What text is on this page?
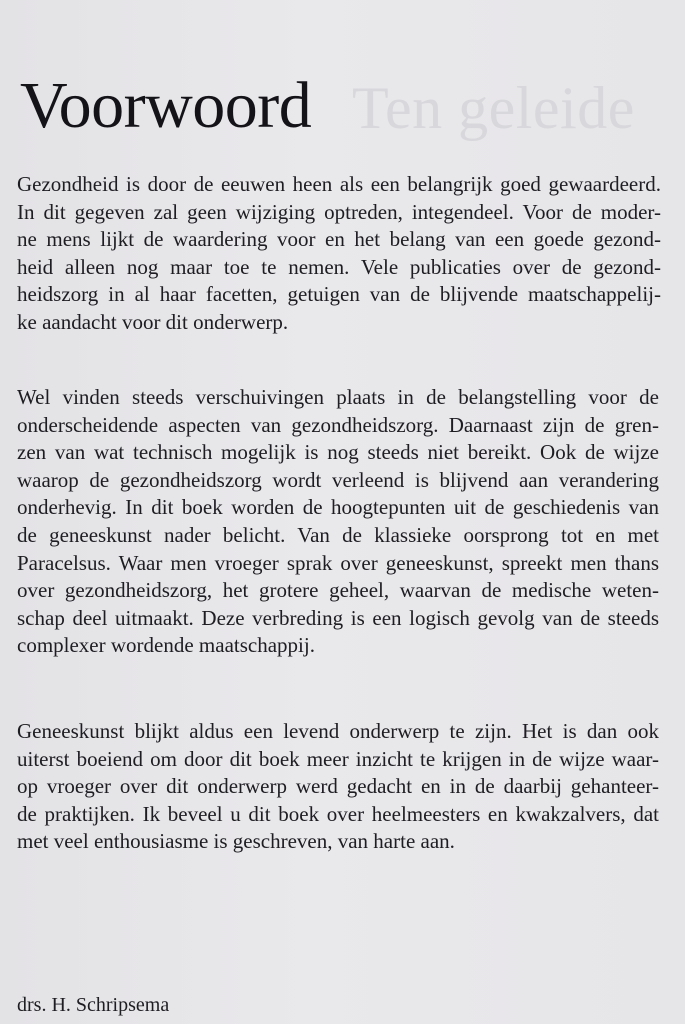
Ten geleide
Voorwoord

Gezondheid is door de eeuwen heen als een belangrijk goed gewaardeerd.
In dit gegeven zal geen wijziging optreden, integendeel. Voor de moder-
ne mens lijkt de waardering voor en het belang van een goede gezond-
heid alleen nog maar toe te nemen. Vele publicaties over de gezond-
heidszorg in al haar facetten, getuigen van de blijvende maatschappelij-
ke aandacht voor dit onderwerp.

Wel vinden steeds verschuivingen plaats in de belangstelling voor de
onderscheidende aspecten van gezondheidszorg. Daarnaast zijn de gren-
zen van wat technisch mogelijk is nog steeds niet bereikt. Ook de wijze
waarop de gezondheidszorg wordt verleend is blijvend aan verandering
onderhevig. In dit boek worden de hoogtepunten uit de geschiedenis van
de geneeskunst nader belicht. Van de klassieke oorsprong tot en met
Paracelsus. Waar men vroeger sprak over geneeskunst, spreekt men thans
over gezondheidszorg, het grotere geheel, waarvan de medische weten-
schap deel uitmaakt. Deze verbreding is een logisch gevolg van de steeds
complexer wordende maatschappij.

Geneeskunst blijkt aldus een levend onderwerp te zijn. Het is dan ook
uiterst boeiend om door dit boek meer inzicht te krijgen in de wijze waar-
op vroeger over dit onderwerp werd gedacht en in de daarbij gehanteer-
de praktijken. Ik beveel u dit boek over heelmeesters en kwakzalvers, dat
met veel enthousiasme is geschreven, van harte aan.

drs. H. Schripsema
